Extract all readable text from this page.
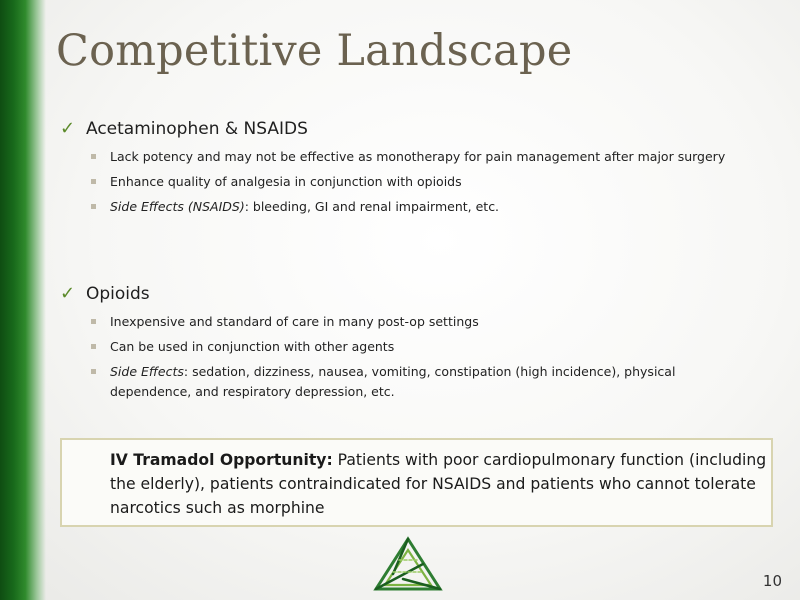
Competitive Landscape
✓ Acetaminophen & NSAIDS
Lack potency and may not be effective as monotherapy for pain management after major surgery
Enhance quality of analgesia in conjunction with opioids
Side Effects (NSAIDS): bleeding, GI and renal impairment, etc.
✓ Opioids
Inexpensive and standard of care in many post-op settings
Can be used in conjunction with other agents
Side Effects: sedation, dizziness, nausea, vomiting, constipation (high incidence), physical dependence, and respiratory depression, etc.
IV Tramadol Opportunity: Patients with poor cardiopulmonary function (including the elderly), patients contraindicated for NSAIDS and patients who cannot tolerate narcotics such as morphine
10
